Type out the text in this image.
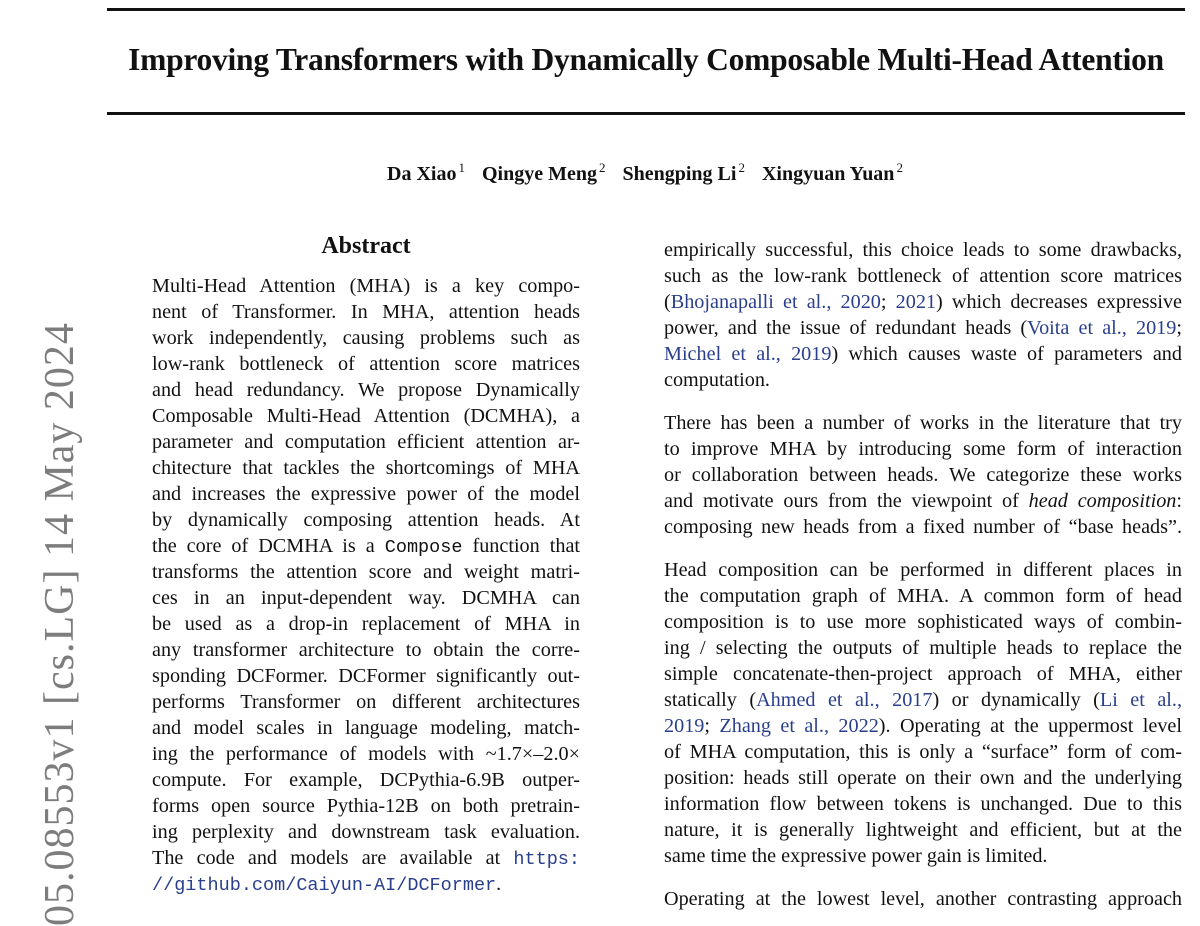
Improving Transformers with Dynamically Composable Multi-Head Attention
Da Xiao $^1$ Qingye Meng $^2$ Shengping Li $^2$ Xingyuan Yuan $^2$
05.08553v1 [cs.LG] 14 May 2024
Abstract

Multi-Head Attention (MHA) is a key compo-

nent of Transformer. In MHA, attention heads

work independently, causing problems such as

low-rank bottleneck of attention score matrices

and head redundancy. We propose Dynamically

Composable Multi-Head Attention (DCMHA), a

parameter and computation efficient attention ar-

chitecture that tackles the shortcomings of MHA

and increases the expressive power of the model

by dynamically composing attention heads. At

the core of DCMHA is a Compose function that

transforms the attention score and weight matri-

ces in an input-dependent way. DCMHA can

be used as a drop-in replacement of MHA in

any transformer architecture to obtain the corre-

sponding DCFormer. DCFormer significantly out-

performs Transformer on different architectures

and model scales in language modeling, match-

ing the performance of models with ~1.7×–2.0×

compute. For example, DCPythia-6.9B outper-

forms open source Pythia-12B on both pretrain-

ing perplexity and downstream task evaluation.

The code and models are available at https:

//github.com/Caiyun-AI/DCFormer.

empirically successful, this choice leads to some drawbacks,

such as the low-rank bottleneck of attention score matrices

(Bhojanapalli et al., 2020; 2021) which decreases expressive

power, and the issue of redundant heads (Voita et al., 2019;

Michel et al., 2019) which causes waste of parameters and

computation.

There has been a number of works in the literature that try

to improve MHA by introducing some form of interaction

or collaboration between heads. We categorize these works

and motivate ours from the viewpoint of head composition:

composing new heads from a fixed number of “base heads”.

Head composition can be performed in different places in

the computation graph of MHA. A common form of head

composition is to use more sophisticated ways of combin-

ing / selecting the outputs of multiple heads to replace the

simple concatenate-then-project approach of MHA, either

statically (Ahmed et al., 2017) or dynamically (Li et al.,

2019; Zhang et al., 2022). Operating at the uppermost level

of MHA computation, this is only a “surface” form of com-

position: heads still operate on their own and the underlying

information flow between tokens is unchanged. Due to this

nature, it is generally lightweight and efficient, but at the

same time the expressive power gain is limited.

Operating at the lowest level, another contrasting approach
